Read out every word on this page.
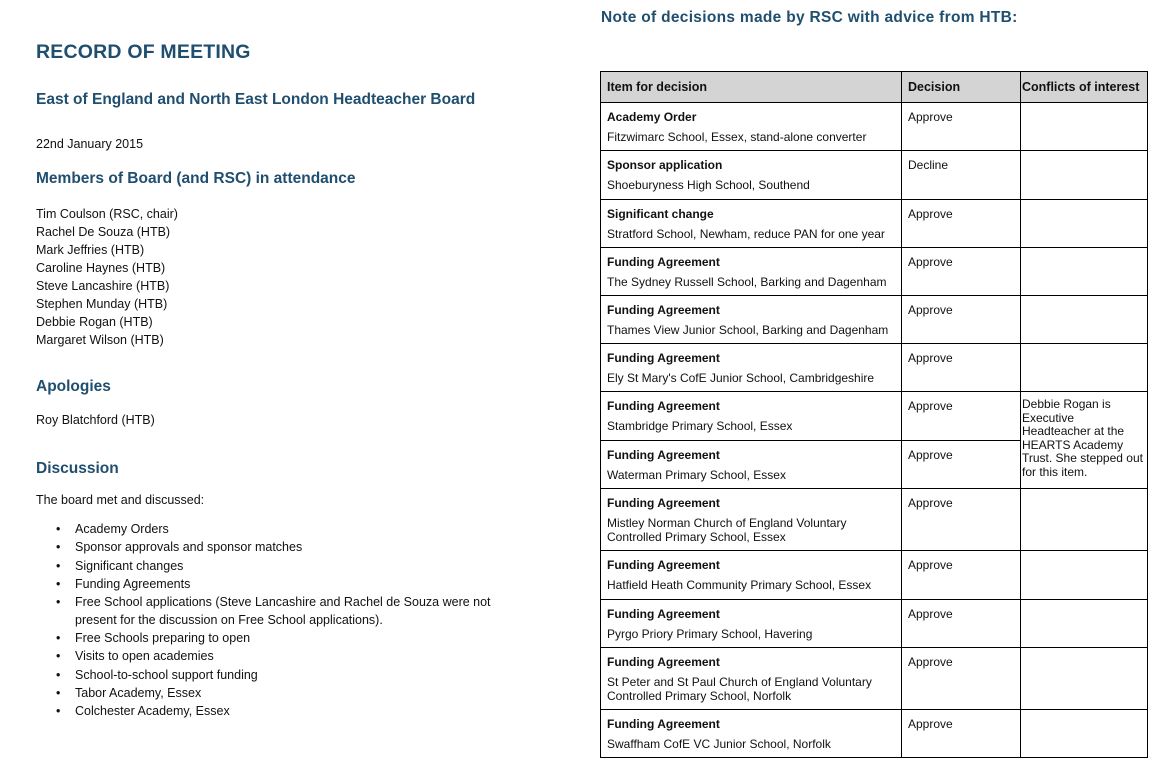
RECORD OF MEETING
East of England and North East London Headteacher Board
22nd January 2015
Members of Board (and RSC) in attendance
Tim Coulson (RSC, chair)
Rachel De Souza (HTB)
Mark Jeffries (HTB)
Caroline Haynes (HTB)
Steve Lancashire (HTB)
Stephen Munday (HTB)
Debbie Rogan (HTB)
Margaret Wilson (HTB)
Apologies
Roy Blatchford (HTB)
Discussion
The board met and discussed:
• Academy Orders
• Sponsor approvals and sponsor matches
• Significant changes
• Funding Agreements
• Free School applications (Steve Lancashire and Rachel de Souza were not present for the discussion on Free School applications).
• Free Schools preparing to open
• Visits to open academies
• School-to-school support funding
• Tabor Academy, Essex
• Colchester Academy, Essex
Note of decisions made by RSC with advice from HTB:
Item for decision	Decision	Conflicts of interest

Academy Order
Fitzwimarc School, Essex, stand-alone converter	Approve	

Sponsor application
Shoeburyness High School, Southend	Decline	

Significant change
Stratford School, Newham, reduce PAN for one year	Approve	

Funding Agreement
The Sydney Russell School, Barking and Dagenham	Approve	

Funding Agreement
Thames View Junior School, Barking and Dagenham	Approve	

Funding Agreement
Ely St Mary's CofE Junior School, Cambridgeshire	Approve	

Funding Agreement
Stambridge Primary School, Essex	Approve	Debbie Rogan is Executive Headteacher at the HEARTS Academy Trust. She stepped out for this item.

Funding Agreement
Waterman Primary School, Essex	Approve	

Funding Agreement
Mistley Norman Church of England Voluntary Controlled Primary School, Essex	Approve	

Funding Agreement
Hatfield Heath Community Primary School, Essex	Approve	

Funding Agreement
Pyrgo Priory Primary School, Havering	Approve	

Funding Agreement
St Peter and St Paul Church of England Voluntary Controlled Primary School, Norfolk	Approve	

Funding Agreement
Swaffham CofE VC Junior School, Norfolk	Approve	
